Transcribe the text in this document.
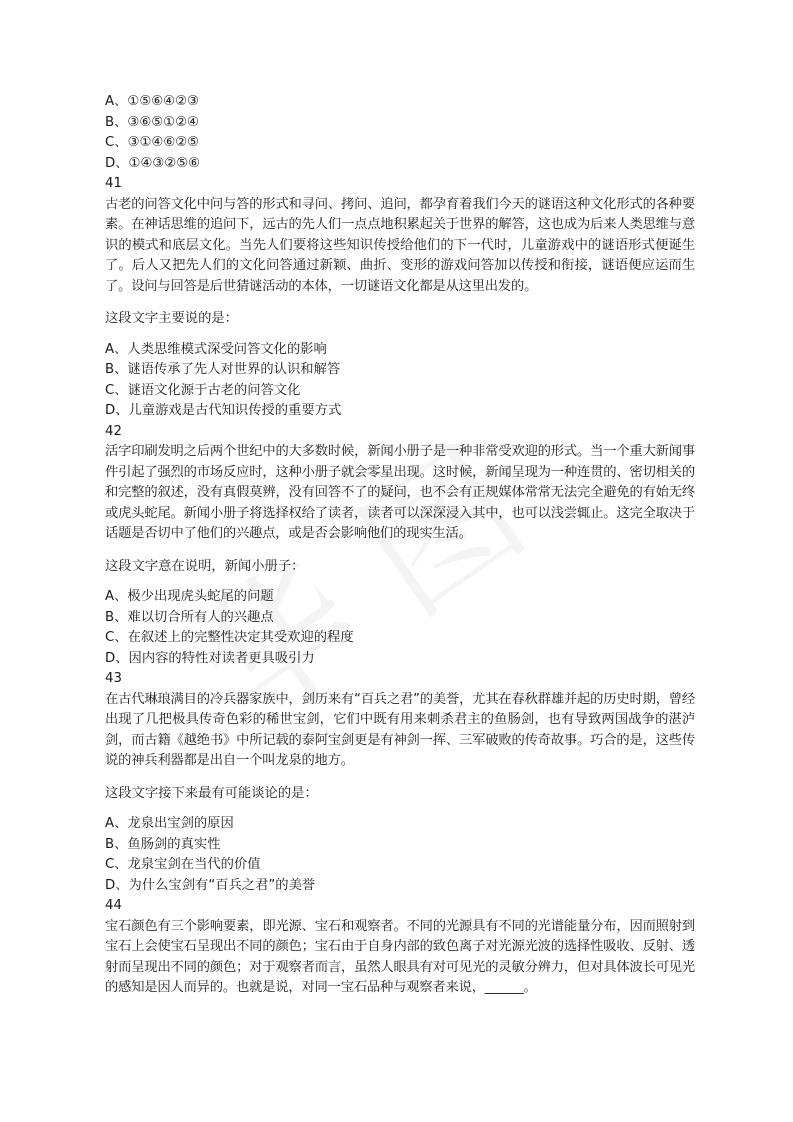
A、①⑤⑥④②③
B、③⑥⑤①②④
C、③①④⑥②⑤
D、①④③②⑤⑥
41
古老的问答文化中问与答的形式和寻问、拷问、追问，都孕育着我们今天的谜语这种文化形式的各种要素。在神话思维的追问下，远古的先人们一点点地积累起关于世界的解答，这也成为后来人类思维与意识的模式和底层文化。当先人们要将这些知识传授给他们的下一代时，儿童游戏中的谜语形式便诞生了。后人又把先人们的文化问答通过新颖、曲折、变形的游戏问答加以传授和衔接，谜语便应运而生了。设问与回答是后世猜谜活动的本体，一切谜语文化都是从这里出发的。
这段文字主要说的是：
A、人类思维模式深受问答文化的影响
B、谜语传承了先人对世界的认识和解答
C、谜语文化源于古老的问答文化
D、儿童游戏是古代知识传授的重要方式
42
活字印刷发明之后两个世纪中的大多数时候，新闻小册子是一种非常受欢迎的形式。当一个重大新闻事件引起了强烈的市场反应时，这种小册子就会零星出现。这时候，新闻呈现为一种连贯的、密切相关的和完整的叙述，没有真假莫辨，没有回答不了的疑问，也不会有正规媒体常常无法完全避免的有始无终或虎头蛇尾。新闻小册子将选择权给了读者，读者可以深深浸入其中，也可以浅尝辄止。这完全取决于话题是否切中了他们的兴趣点，或是否会影响他们的现实生活。
这段文字意在说明，新闻小册子：
A、极少出现虎头蛇尾的问题
B、难以切合所有人的兴趣点
C、在叙述上的完整性决定其受欢迎的程度
D、因内容的特性对读者更具吸引力
43
在古代琳琅满目的冷兵器家族中，剑历来有“百兵之君”的美誉，尤其在春秋群雄并起的历史时期，曾经出现了几把极具传奇色彩的稀世宝剑，它们中既有用来刺杀君主的鱼肠剑，也有导致两国战争的湛泸剑，而古籍《越绝书》中所记载的泰阿宝剑更是有神剑一挥、三军破败的传奇故事。巧合的是，这些传说的神兵利器都是出自一个叫龙泉的地方。
这段文字接下来最有可能谈论的是：
A、龙泉出宝剑的原因
B、鱼肠剑的真实性
C、龙泉宝剑在当代的价值
D、为什么宝剑有“百兵之君”的美誉
44
宝石颜色有三个影响要素，即光源、宝石和观察者。不同的光源具有不同的光谱能量分布，因而照射到宝石上会使宝石呈现出不同的颜色；宝石由于自身内部的致色离子对光源光波的选择性吸收、反射、透射而呈现出不同的颜色；对于观察者而言，虽然人眼具有对可见光的灵敏分辨力，但对具体波长可见光的感知是因人而异的。也就是说，对同一宝石品种与观察者来说，______。
